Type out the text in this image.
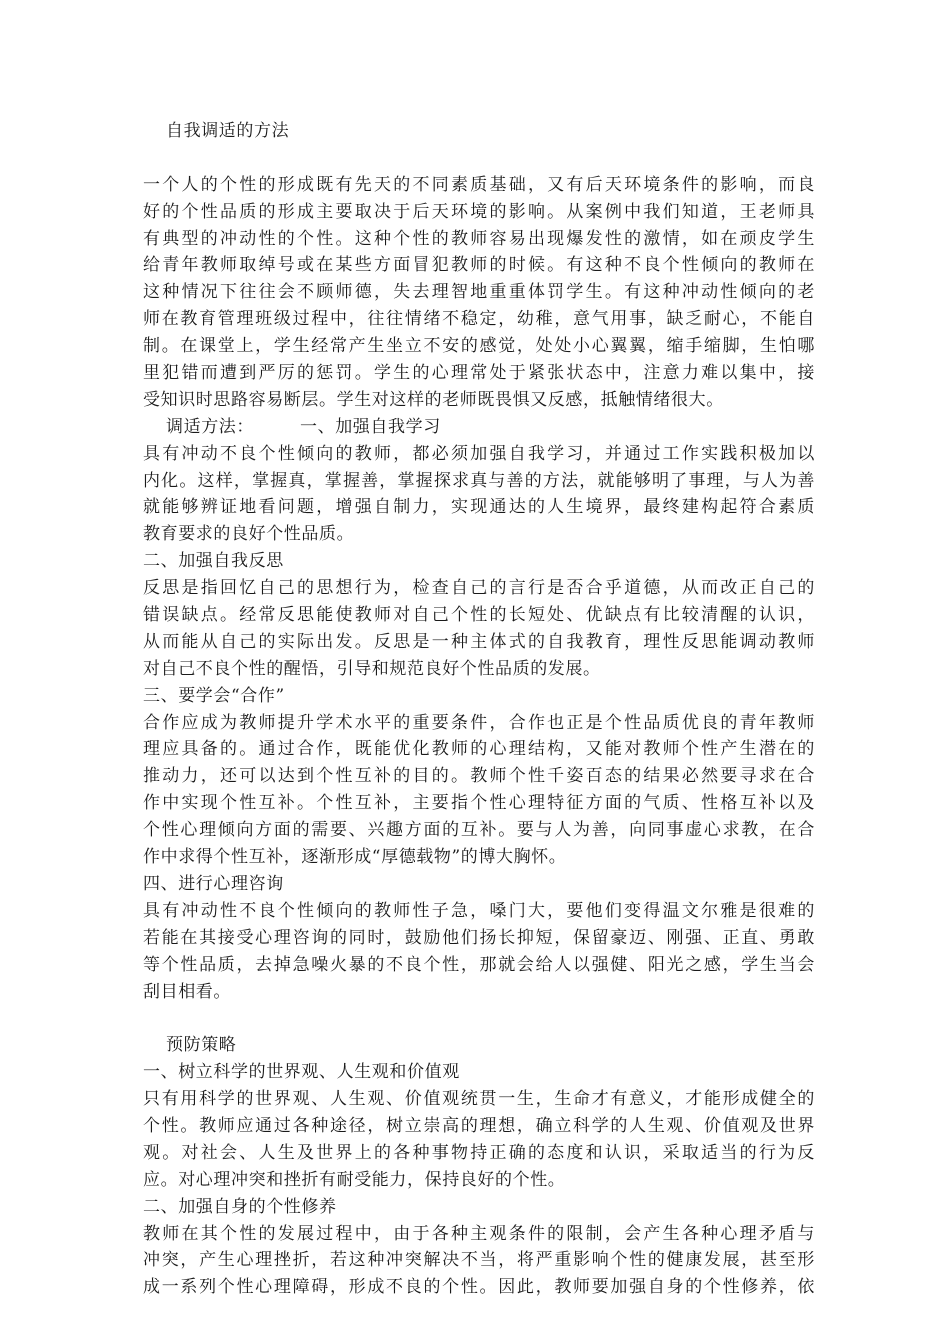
自我调适的方法
一个人的个性的形成既有先天的不同素质基础，又有后天环境条件的影响，而良
好的个性品质的形成主要取决于后天环境的影响。从案例中我们知道，王老师具
有典型的冲动性的个性。这种个性的教师容易出现爆发性的激情，如在顽皮学生
给青年教师取绰号或在某些方面冒犯教师的时候。有这种不良个性倾向的教师在
这种情况下往往会不顾师德，失去理智地重重体罚学生。有这种冲动性倾向的老
师在教育管理班级过程中，往往情绪不稳定，幼稚，意气用事，缺乏耐心，不能自
制。在课堂上，学生经常产生坐立不安的感觉，处处小心翼翼，缩手缩脚，生怕哪
里犯错而遭到严厉的惩罚。学生的心理常处于紧张状态中，注意力难以集中，接
受知识时思路容易断层。学生对这样的老师既畏惧又反感，抵触情绪很大。
调适方法：	一、加强自我学习
具有冲动不良个性倾向的教师，都必须加强自我学习，并通过工作实践积极加以
内化。这样，掌握真，掌握善，掌握探求真与善的方法，就能够明了事理，与人为善
就能够辨证地看问题，增强自制力，实现通达的人生境界，最终建构起符合素质
教育要求的良好个性品质。
二、加强自我反思
反思是指回忆自己的思想行为，检查自己的言行是否合乎道德，从而改正自己的
错误缺点。经常反思能使教师对自己个性的长短处、优缺点有比较清醒的认识，
从而能从自己的实际出发。反思是一种主体式的自我教育，理性反思能调动教师
对自己不良个性的醒悟，引导和规范良好个性品质的发展。
三、要学会“合作”
合作应成为教师提升学术水平的重要条件，合作也正是个性品质优良的青年教师
理应具备的。通过合作，既能优化教师的心理结构，又能对教师个性产生潜在的
推动力，还可以达到个性互补的目的。教师个性千姿百态的结果必然要寻求在合
作中实现个性互补。个性互补，主要指个性心理特征方面的气质、性格互补以及
个性心理倾向方面的需要、兴趣方面的互补。要与人为善，向同事虚心求教，在合
作中求得个性互补，逐渐形成“厚德载物”的博大胸怀。
四、进行心理咨询
具有冲动性不良个性倾向的教师性子急，嗓门大，要他们变得温文尔雅是很难的
若能在其接受心理咨询的同时，鼓励他们扬长抑短，保留豪迈、刚强、正直、勇敢
等个性品质，去掉急噪火暴的不良个性，那就会给人以强健、阳光之感，学生当会
刮目相看。
预防策略
一、树立科学的世界观、人生观和价值观
只有用科学的世界观、人生观、价值观统贯一生，生命才有意义，才能形成健全的
个性。教师应通过各种途径，树立崇高的理想，确立科学的人生观、价值观及世界
观。对社会、人生及世界上的各种事物持正确的态度和认识，采取适当的行为反
应。对心理冲突和挫折有耐受能力，保持良好的个性。
二、加强自身的个性修养
教师在其个性的发展过程中，由于各种主观条件的限制，会产生各种心理矛盾与
冲突，产生心理挫折，若这种冲突解决不当，将严重影响个性的健康发展，甚至形
成一系列个性心理障碍，形成不良的个性。因此，教师要加强自身的个性修养，依
